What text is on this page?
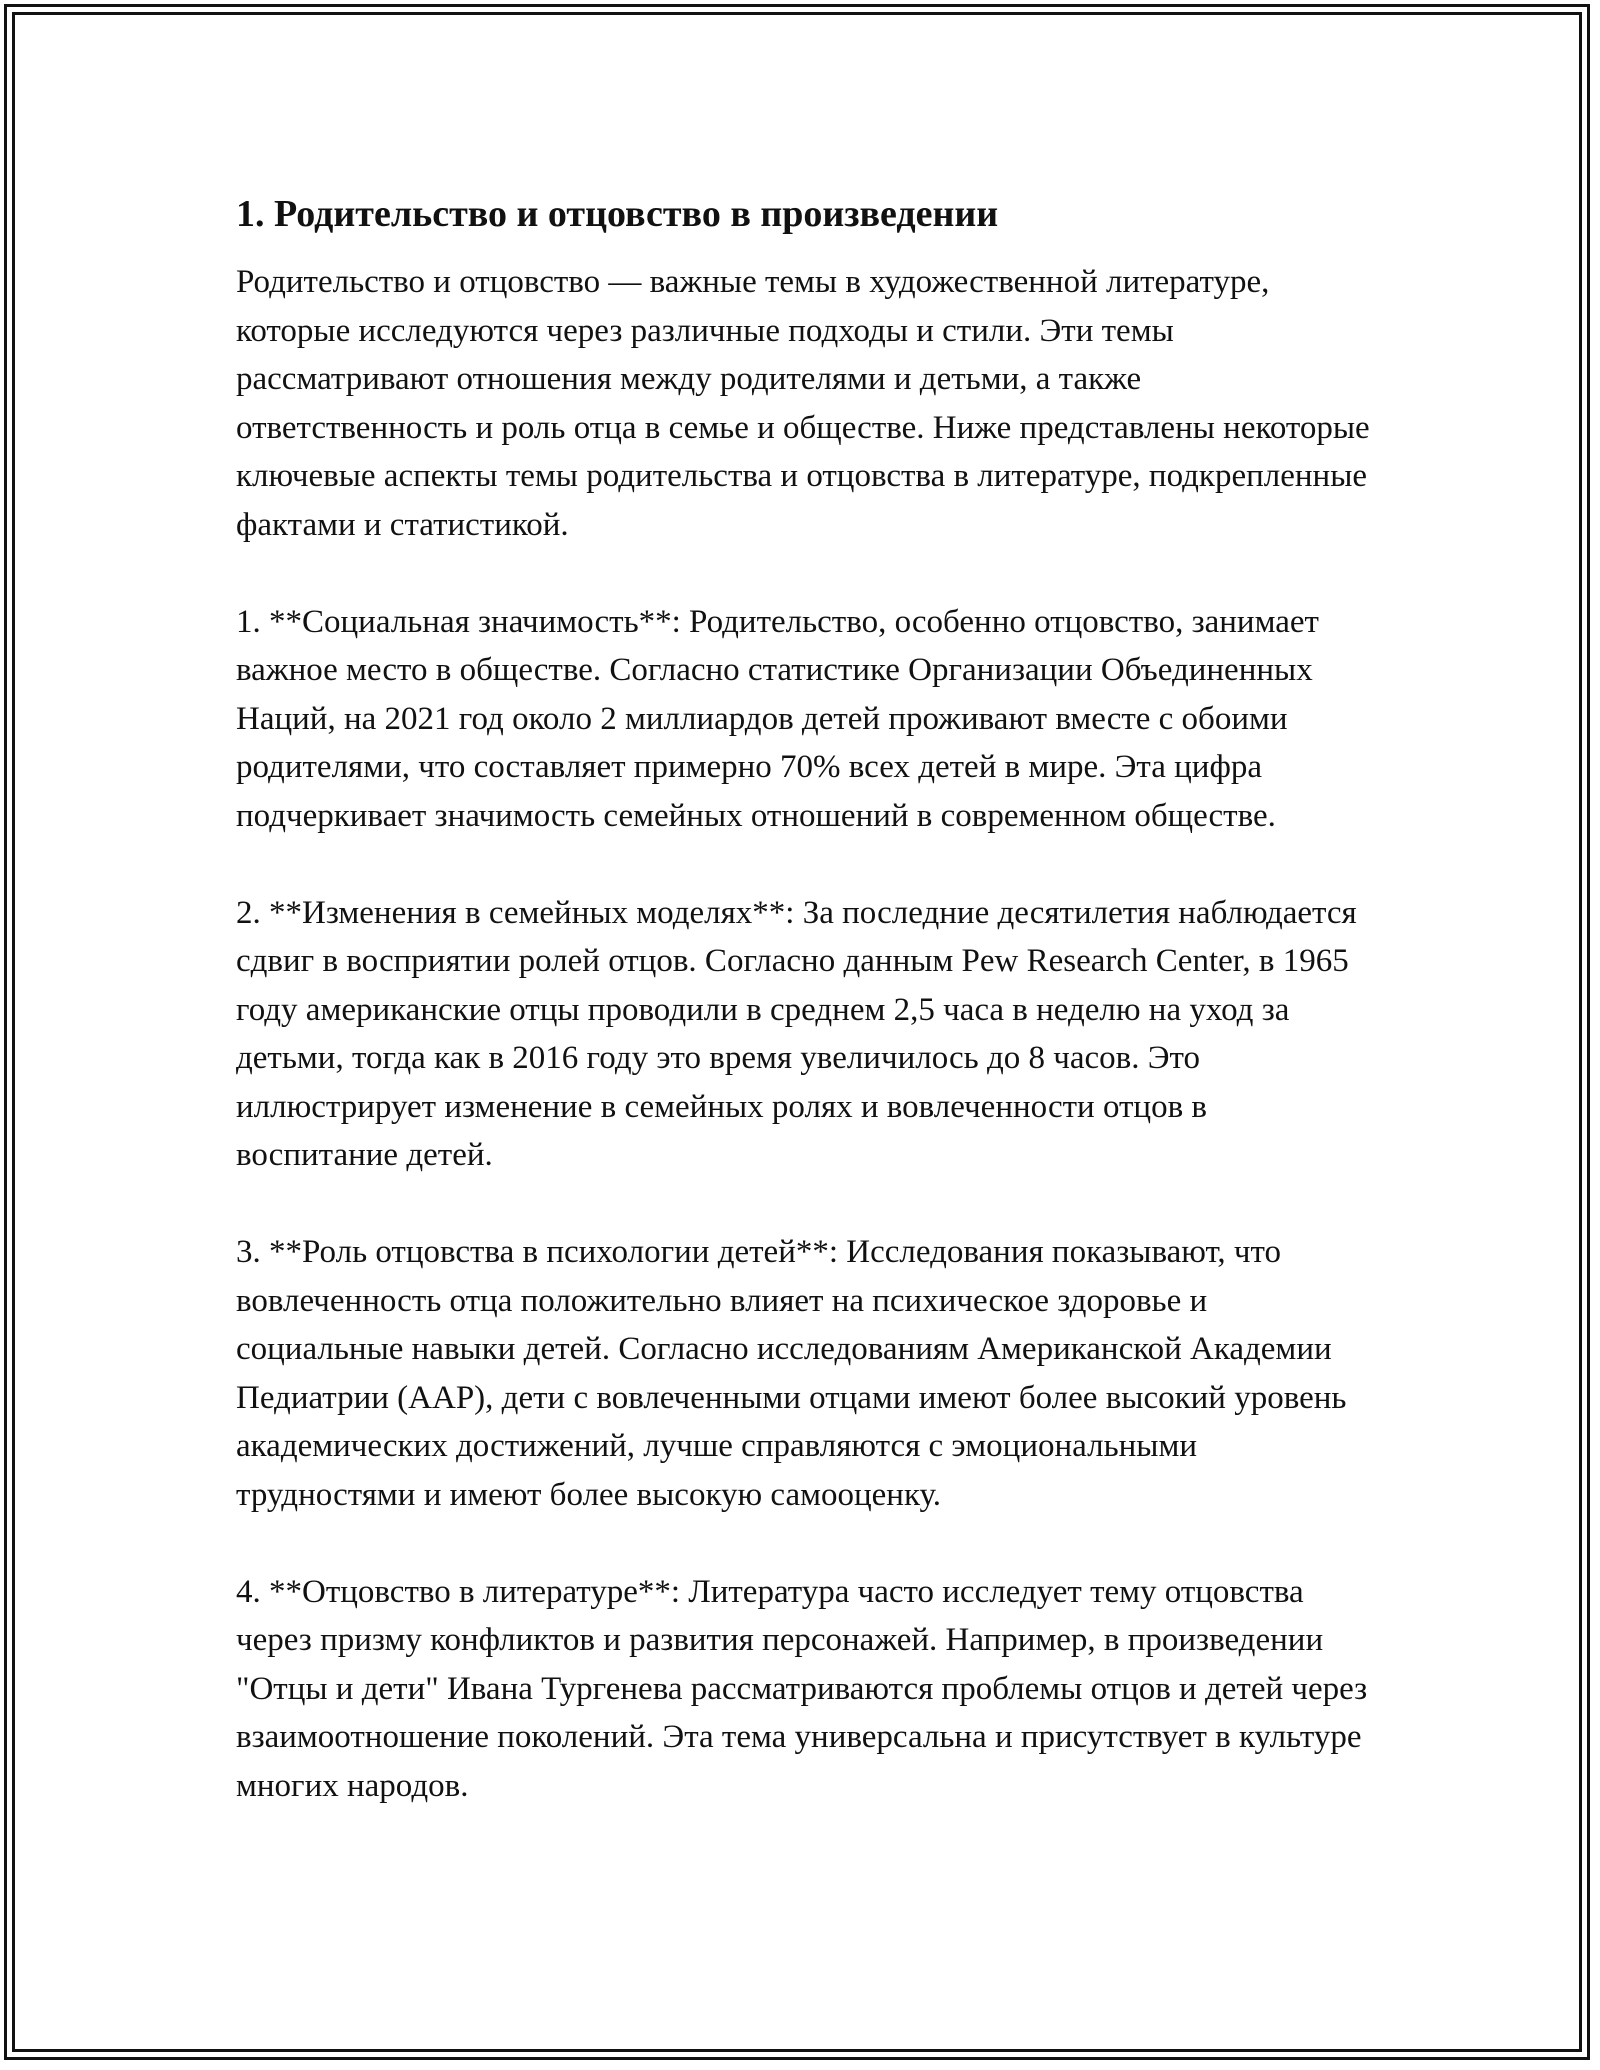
1. Родительство и отцовство в произведении

Родительство и отцовство — важные темы в художественной литературе, которые исследуются через различные подходы и стили. Эти темы рассматривают отношения между родителями и детьми, а также ответственность и роль отца в семье и обществе. Ниже представлены некоторые ключевые аспекты темы родительства и отцовства в литературе, подкрепленные фактами и статистикой.

1. **Социальная значимость**: Родительство, особенно отцовство, занимает важное место в обществе. Согласно статистике Организации Объединенных Наций, на 2021 год около 2 миллиардов детей проживают вместе с обоими родителями, что составляет примерно 70% всех детей в мире. Эта цифра подчеркивает значимость семейных отношений в современном обществе.

2. **Изменения в семейных моделях**: За последние десятилетия наблюдается сдвиг в восприятии ролей отцов. Согласно данным Pew Research Center, в 1965 году американские отцы проводили в среднем 2,5 часа в неделю на уход за детьми, тогда как в 2016 году это время увеличилось до 8 часов. Это иллюстрирует изменение в семейных ролях и вовлеченности отцов в воспитание детей.

3. **Роль отцовства в психологии детей**: Исследования показывают, что вовлеченность отца положительно влияет на психическое здоровье и социальные навыки детей. Согласно исследованиям Американской Академии Педиатрии (AAP), дети с вовлеченными отцами имеют более высокий уровень академических достижений, лучше справляются с эмоциональными трудностями и имеют более высокую самооценку.

4. **Отцовство в литературе**: Литература часто исследует тему отцовства через призму конфликтов и развития персонажей. Например, в произведении "Отцы и дети" Ивана Тургенева рассматриваются проблемы отцов и детей через взаимоотношение поколений. Эта тема универсальна и присутствует в культуре многих народов.
